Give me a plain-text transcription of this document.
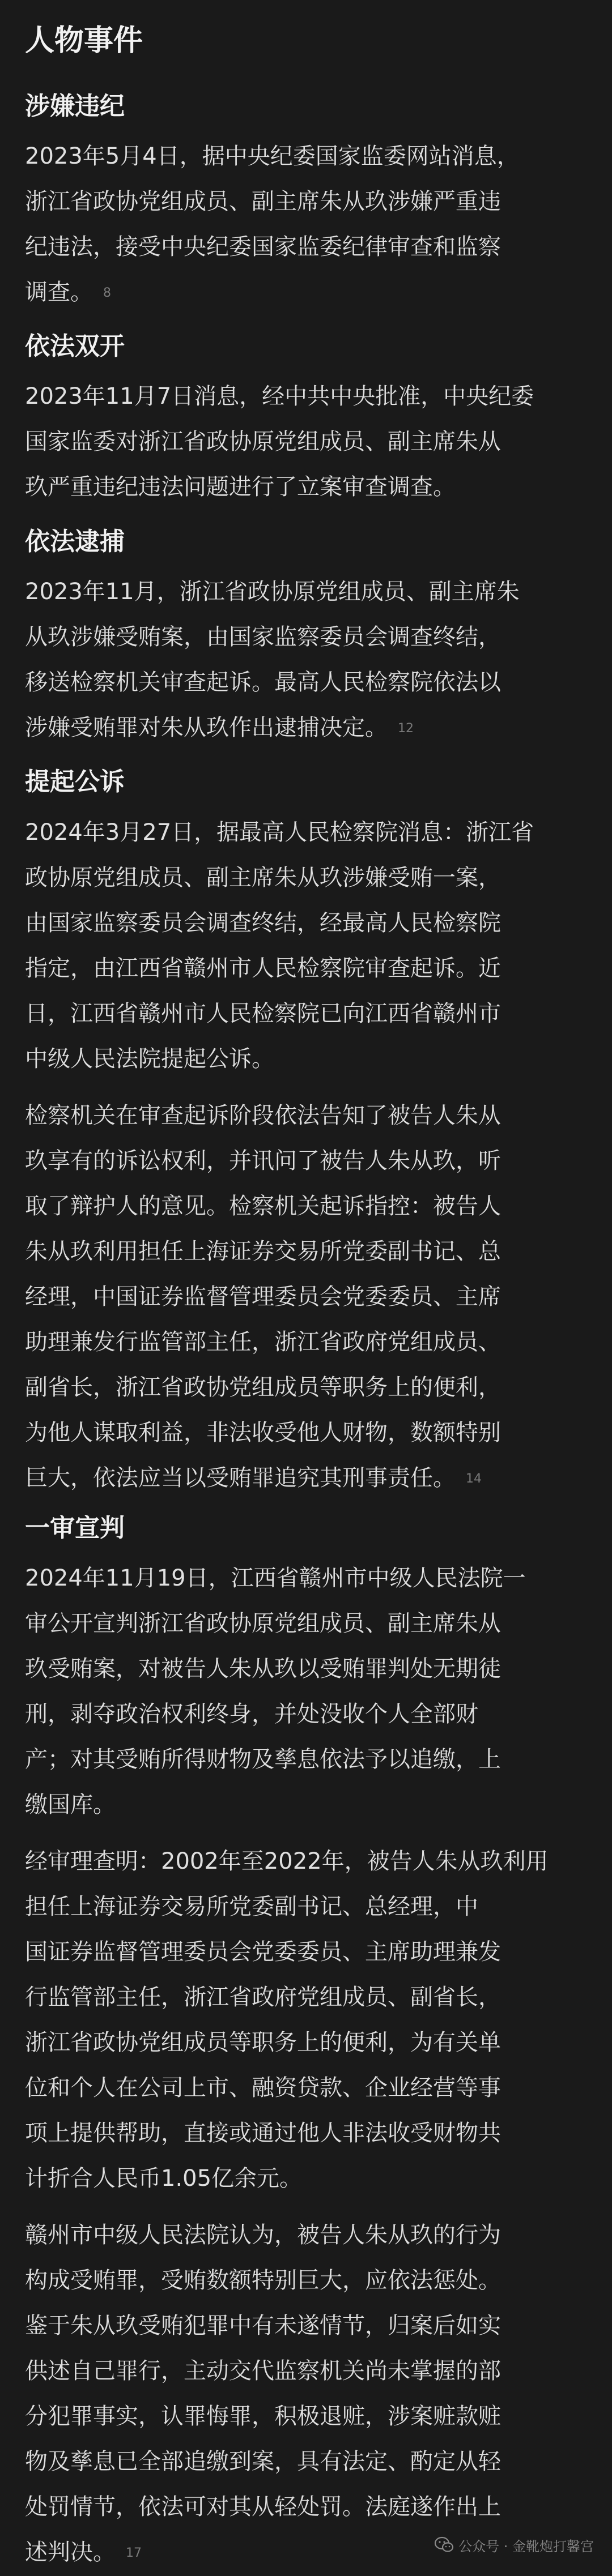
人物事件
涉嫌违纪
2023年5月4日，据中央纪委国家监委网站消息，
浙江省政协党组成员、副主席朱从玖涉嫌严重违
纪违法，接受中央纪委国家监委纪律审查和监察
调查。 8
依法双开
2023年11月7日消息，经中共中央批准，中央纪委
国家监委对浙江省政协原党组成员、副主席朱从
玖严重违纪违法问题进行了立案审查调查。
依法逮捕
2023年11月，浙江省政协原党组成员、副主席朱
从玖涉嫌受贿案，由国家监察委员会调查终结，
移送检察机关审查起诉。最高人民检察院依法以
涉嫌受贿罪对朱从玖作出逮捕决定。 12
提起公诉
2024年3月27日，据最高人民检察院消息：浙江省
政协原党组成员、副主席朱从玖涉嫌受贿一案，
由国家监察委员会调查终结，经最高人民检察院
指定，由江西省赣州市人民检察院审查起诉。近
日，江西省赣州市人民检察院已向江西省赣州市
中级人民法院提起公诉。
检察机关在审查起诉阶段依法告知了被告人朱从
玖享有的诉讼权利，并讯问了被告人朱从玖，听
取了辩护人的意见。检察机关起诉指控：被告人
朱从玖利用担任上海证券交易所党委副书记、总
经理，中国证券监督管理委员会党委委员、主席
助理兼发行监管部主任，浙江省政府党组成员、
副省长，浙江省政协党组成员等职务上的便利，
为他人谋取利益，非法收受他人财物，数额特别
巨大，依法应当以受贿罪追究其刑事责任。 14
一审宣判
2024年11月19日，江西省赣州市中级人民法院一
审公开宣判浙江省政协原党组成员、副主席朱从
玖受贿案，对被告人朱从玖以受贿罪判处无期徒
刑，剥夺政治权利终身，并处没收个人全部财
产；对其受贿所得财物及孳息依法予以追缴，上
缴国库。
经审理查明：2002年至2022年，被告人朱从玖利用
担任上海证券交易所党委副书记、总经理，中
国证券监督管理委员会党委委员、主席助理兼发
行监管部主任，浙江省政府党组成员、副省长，
浙江省政协党组成员等职务上的便利，为有关单
位和个人在公司上市、融资贷款、企业经营等事
项上提供帮助，直接或通过他人非法收受财物共
计折合人民币1.05亿余元。
赣州市中级人民法院认为，被告人朱从玖的行为
构成受贿罪，受贿数额特别巨大，应依法惩处。
鉴于朱从玖受贿犯罪中有未遂情节，归案后如实
供述自己罪行，主动交代监察机关尚未掌握的部
分犯罪事实，认罪悔罪，积极退赃，涉案赃款赃
物及孳息已全部追缴到案，具有法定、酌定从轻
处罚情节，依法可对其从轻处罚。法庭遂作出上
述判决。 17	公众号 · 金靴炮打馨宫
